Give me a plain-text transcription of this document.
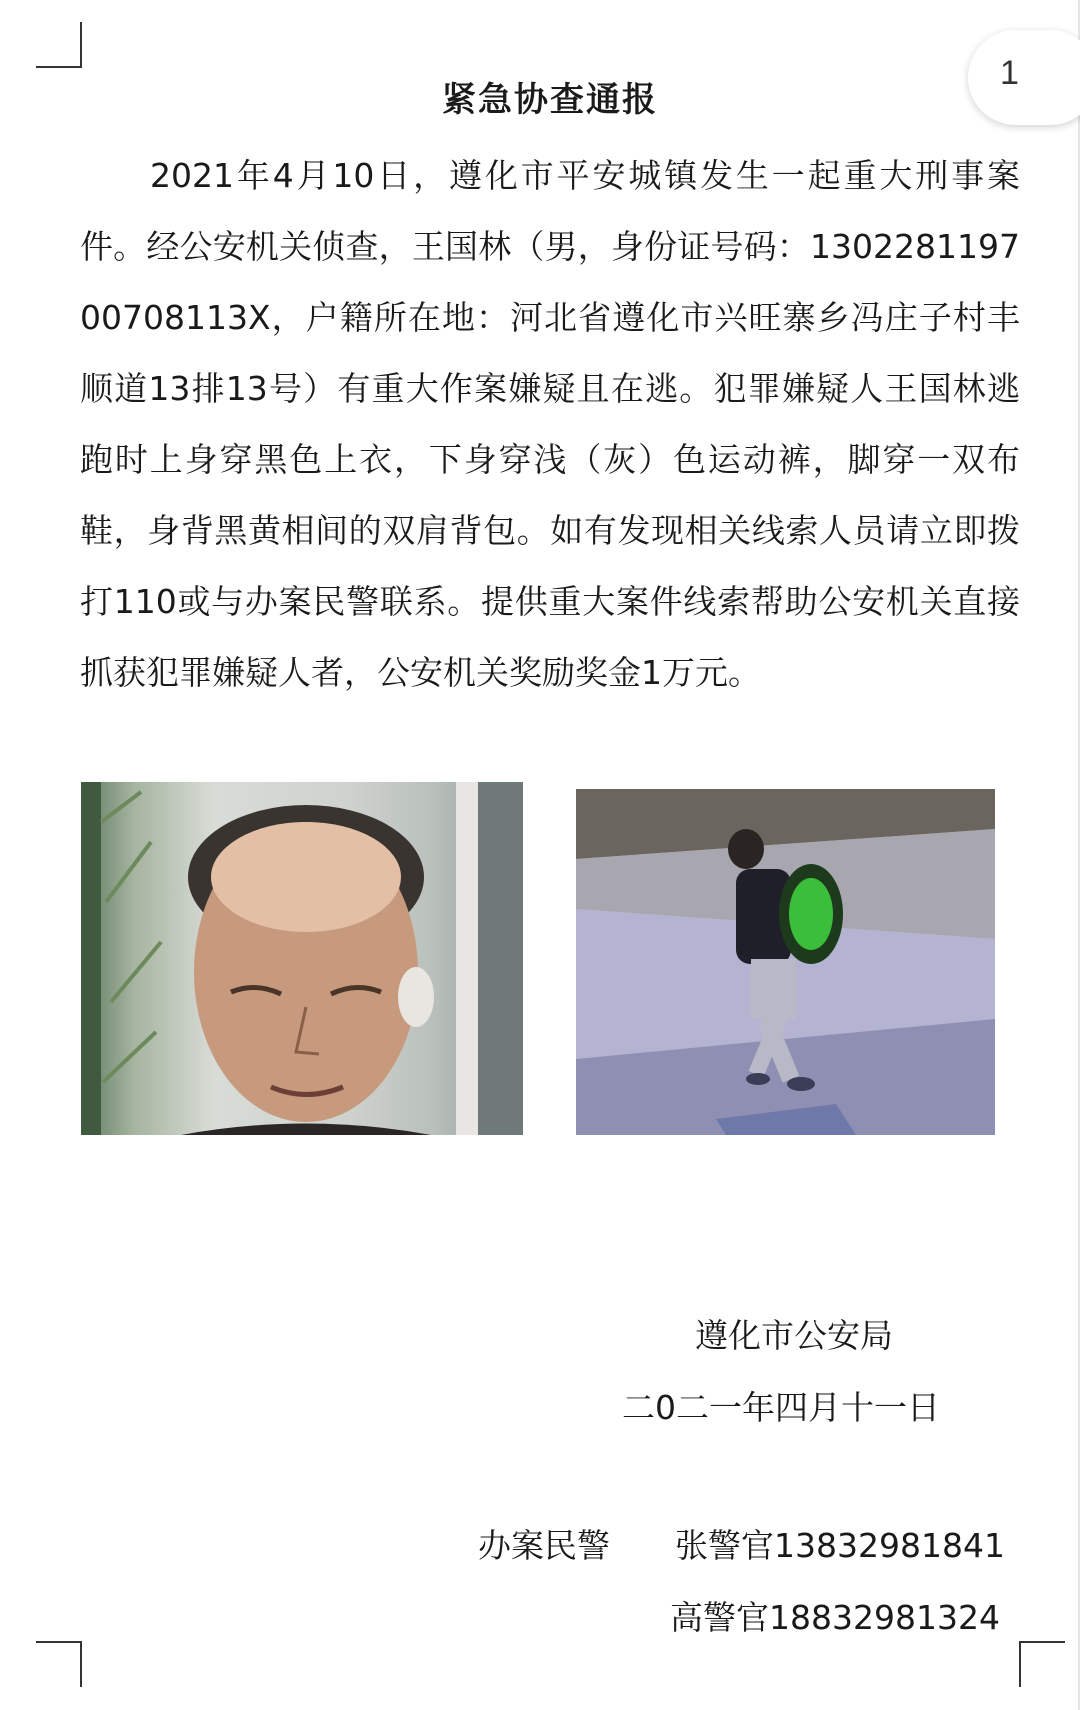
1
紧急协查通报
2021年4月10日，遵化市平安城镇发生一起重大刑事案件。经公安机关侦查，王国林（男，身份证号码：130228119700708113X，户籍所在地：河北省遵化市兴旺寨乡冯庄子村丰顺道13排13号）有重大作案嫌疑且在逃。犯罪嫌疑人王国林逃跑时上身穿黑色上衣，下身穿浅（灰）色运动裤，脚穿一双布鞋，身背黑黄相间的双肩背包。如有发现相关线索人员请立即拨打110或与办案民警联系。提供重大案件线索帮助公安机关直接抓获犯罪嫌疑人者，公安机关奖励奖金1万元。
遵化市公安局
二0二一年四月十一日
办案民警 张警官13832981841
高警官18832981324
